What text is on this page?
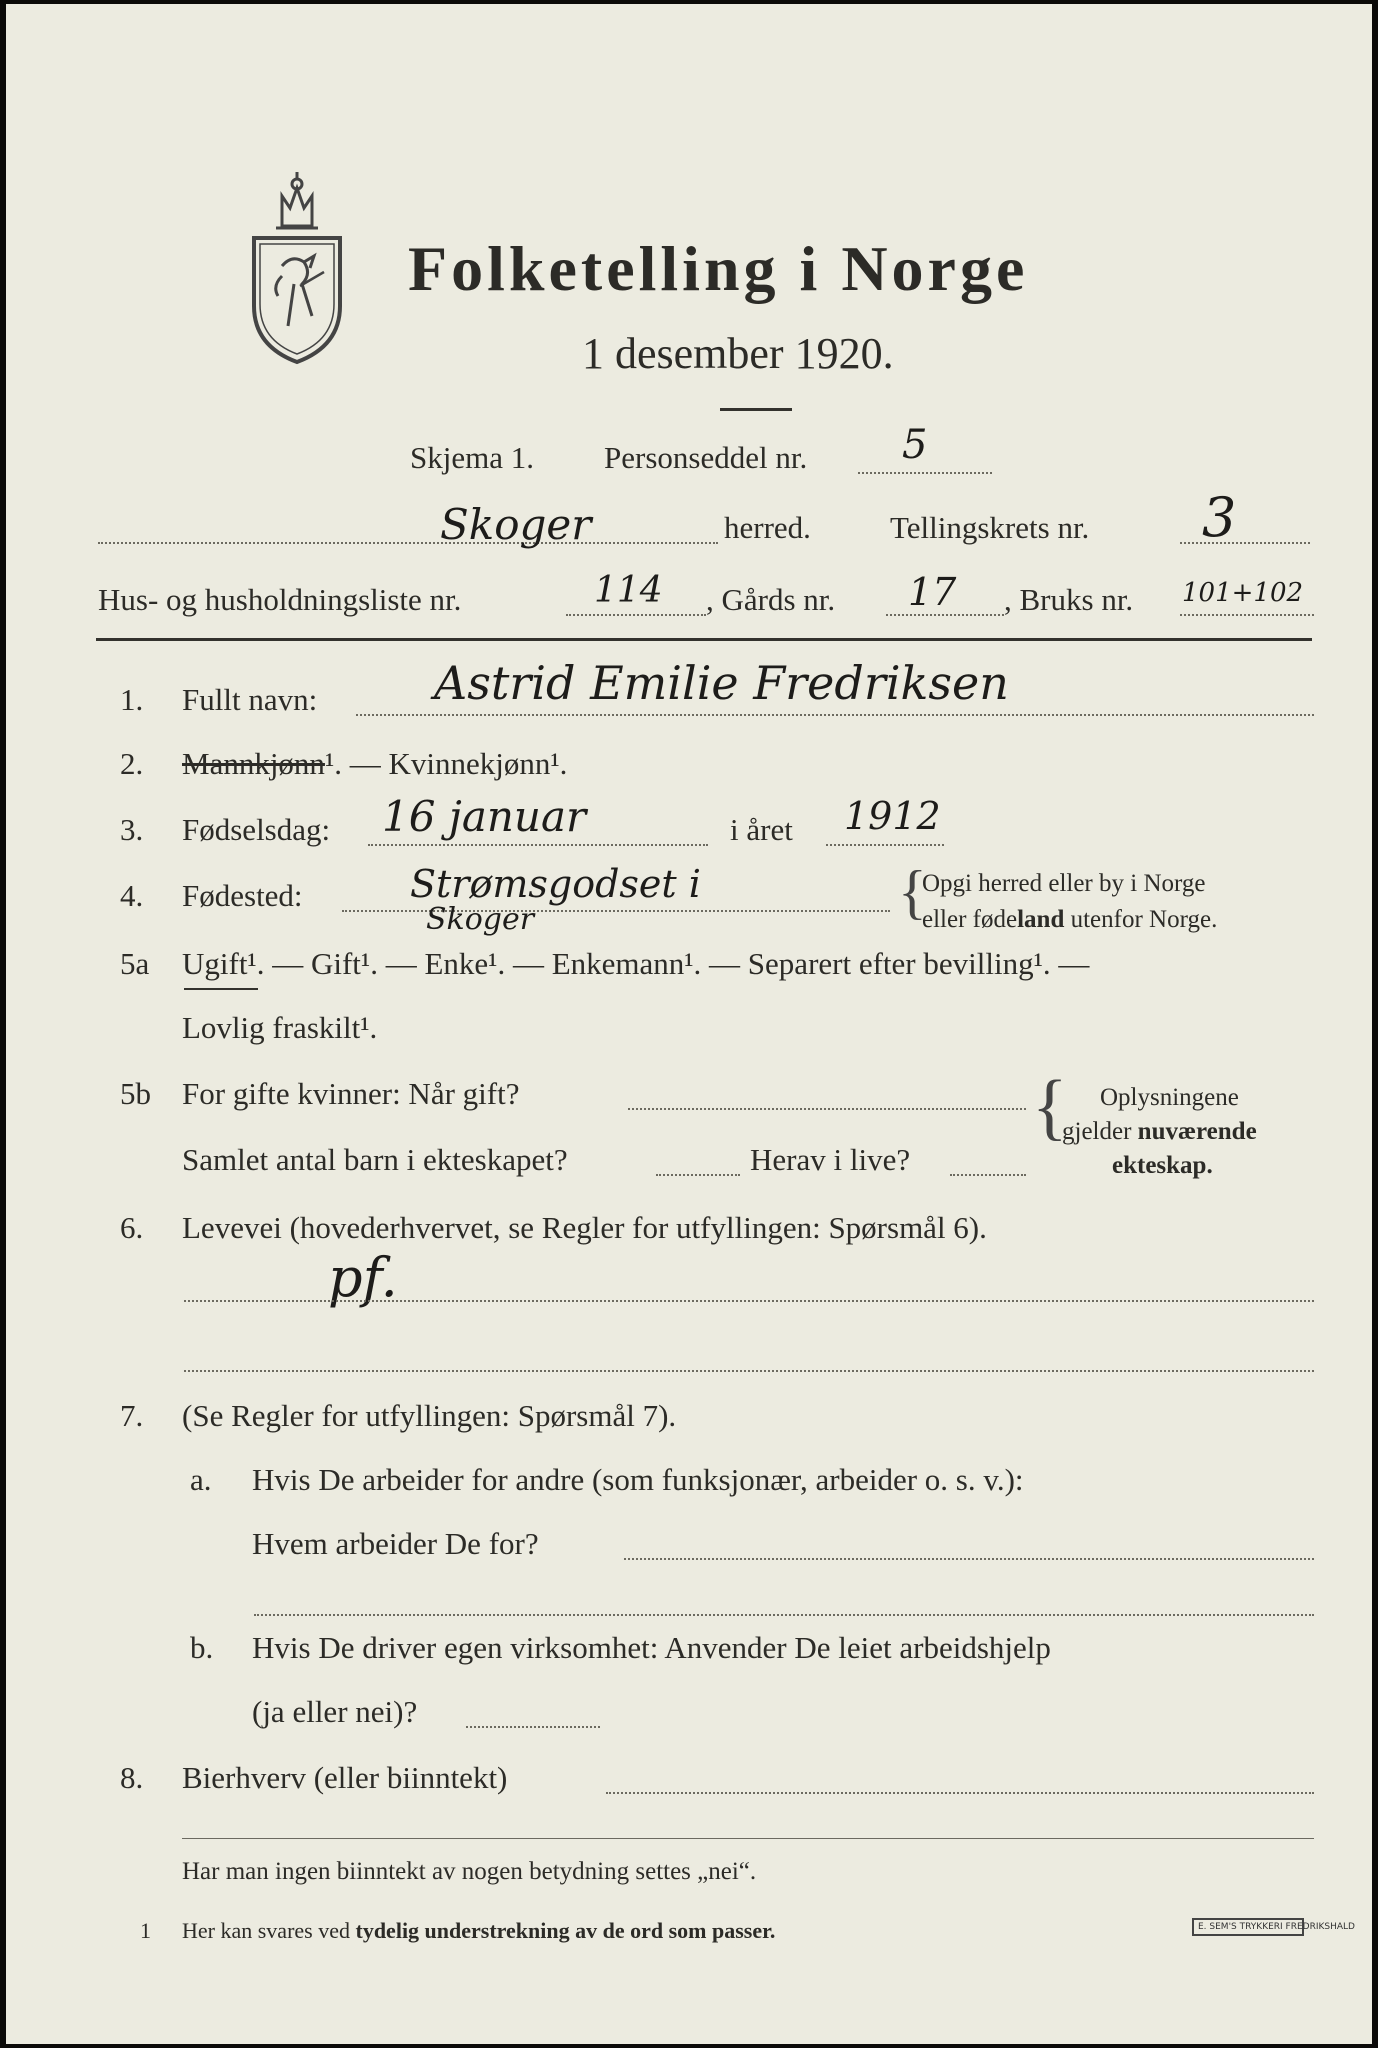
Folketelling i Norge
1 desember 1920.
Skjema 1. Personseddel nr. 5
Skoger	herred.	Tellingskrets nr. 3
Hus- og husholdningsliste nr.	114 , Gårds nr. 17 , Bruks nr. 101+102
1. Fullt navn:	Astrid Emilie Fredriksen
2. Mannkjønn¹. — Kvinnekjønn¹.
3. Fødselsdag: 16 januar	i året 1912
4. Fødested:	Strømsgodset i
Skoger	{
Opgi herred eller by i Norge
eller fødeland utenfor Norge.
5a Ugift¹. — Gift¹. — Enke¹. — Enkemann¹. — Separert efter bevilling¹. —
Lovlig fraskilt¹.
5b For gifte kvinner: Når gift?
Samlet antal barn i ekteskapet?	Herav i live?
{ Oplysningene
gjelder nuværende
ekteskap.
6. Levevei (hovederhvervet, se Regler for utfyllingen: Spørsmål 6).
pf.
7. (Se Regler for utfyllingen: Spørsmål 7).
a. Hvis De arbeider for andre (som funksjonær, arbeider o. s. v.):
Hvem arbeider De for?
b. Hvis De driver egen virksomhet: Anvender De leiet arbeidshjelp
(ja eller nei)?
8. Bierhverv (eller biinntekt)
Har man ingen biinntekt av nogen betydning settes „nei“.
1 Her kan svares ved tydelig understrekning av de ord som passer.	E. SEM'S TRYKKERI FREDRIKSHALD
